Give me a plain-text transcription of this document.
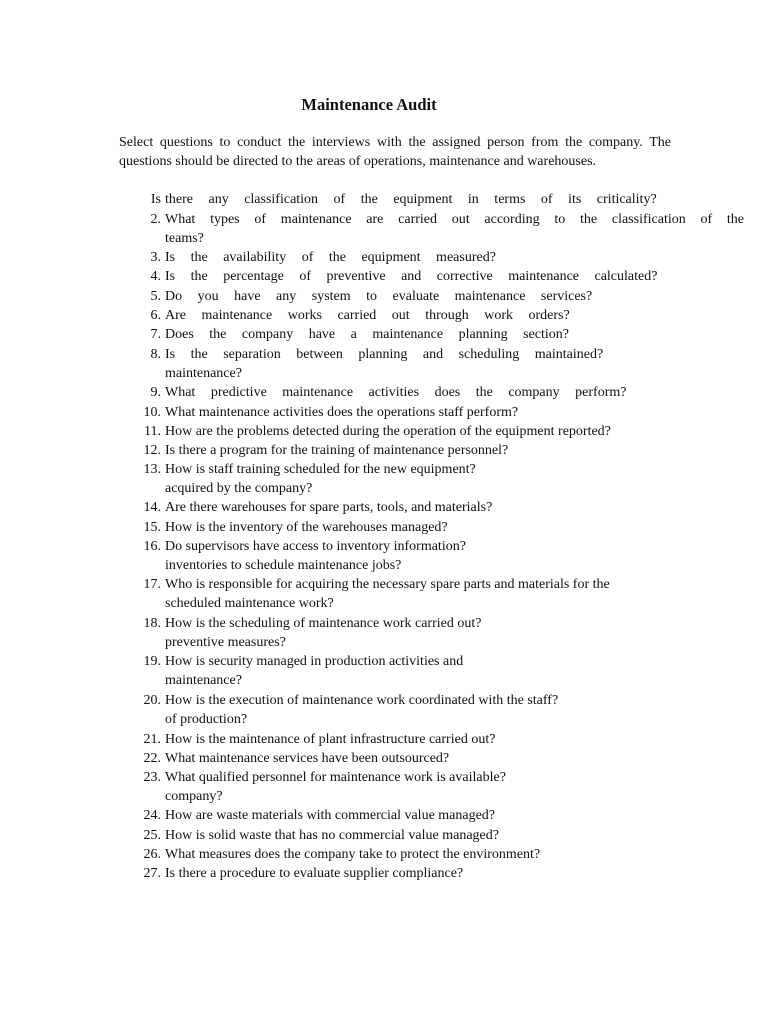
Maintenance Audit
Select questions to conduct the interviews with the assigned person from the company. The questions should be directed to the areas of operations, maintenance and warehouses.
Is there any classification of the equipment in terms of its criticality?
2. What types of maintenance are carried out according to the classification of the
teams?
3. Is the availability of the equipment measured?
4. Is the percentage of preventive and corrective maintenance calculated?
5. Do you have any system to evaluate maintenance services?
6. Are maintenance works carried out through work orders?
7. Does the company have a maintenance planning section?
8. Is the separation between planning and scheduling maintained?
maintenance?
9. What predictive maintenance activities does the company perform?
10. What maintenance activities does the operations staff perform?
11. How are the problems detected during the operation of the equipment reported?
12. Is there a program for the training of maintenance personnel?
13. How is staff training scheduled for the new equipment?
acquired by the company?
14. Are there warehouses for spare parts, tools, and materials?
15. How is the inventory of the warehouses managed?
16. Do supervisors have access to inventory information?
inventories to schedule maintenance jobs?
17. Who is responsible for acquiring the necessary spare parts and materials for the
scheduled maintenance work?
18. How is the scheduling of maintenance work carried out?
preventive measures?
19. How is security managed in production activities and
maintenance?
20. How is the execution of maintenance work coordinated with the staff?
of production?
21. How is the maintenance of plant infrastructure carried out?
22. What maintenance services have been outsourced?
23. What qualified personnel for maintenance work is available?
company?
24. How are waste materials with commercial value managed?
25. How is solid waste that has no commercial value managed?
26. What measures does the company take to protect the environment?
27. Is there a procedure to evaluate supplier compliance?
